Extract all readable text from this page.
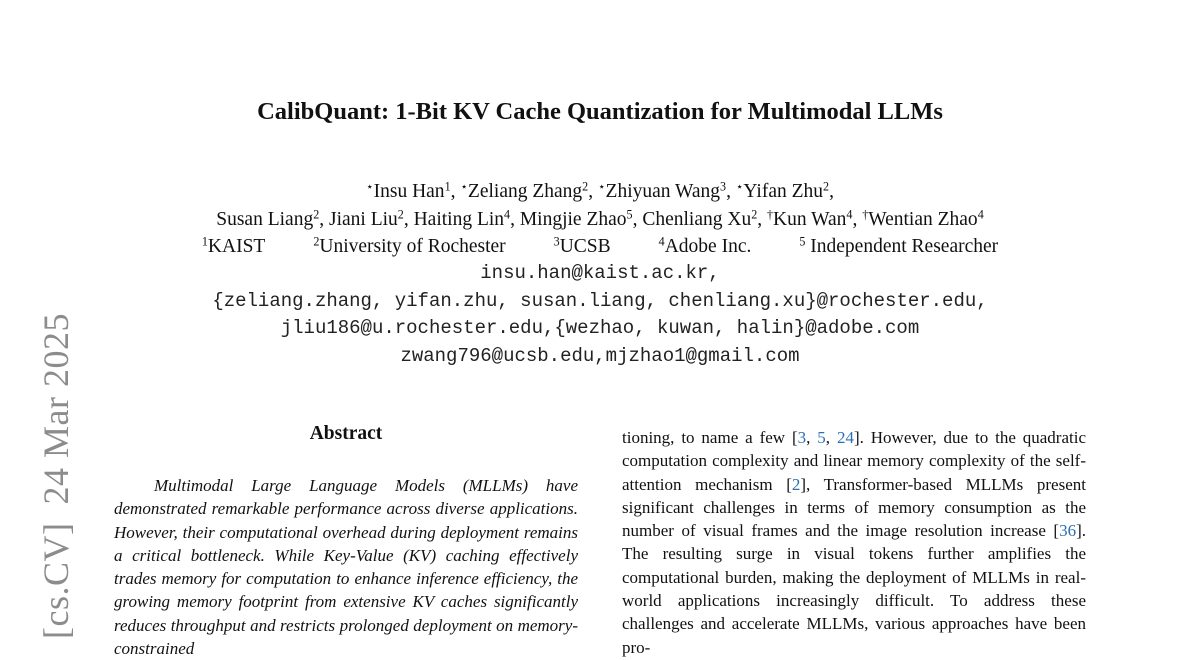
[cs.CV]24 Mar 2025
CalibQuant: 1-Bit KV Cache Quantization for Multimodal LLMs
⋆Insu Han$^1$, ⋆Zeliang Zhang$^2$, ⋆Zhiyuan Wang$^3$, ⋆Yifan Zhu$^2$,
Susan Liang$^2$, Jiani Liu$^2$, Haiting Lin$^4$, Mingjie Zhao$^5$, Chenliang Xu$^2$, †Kun Wan$^4$, †Wentian Zhao$^4$
$^1$KAIST	$^2$University of Rochester	$^3$UCSB	$^4$Adobe Inc.	$^5$ Independent Researcher
insu.han@kaist.ac.kr,
{zeliang.zhang, yifan.zhu, susan.liang, chenliang.xu}@rochester.edu,
jliu186@u.rochester.edu,{wezhao, kuwan, halin}@adobe.com
zwang796@ucsb.edu,mjzhao1@gmail.com
Abstract
Multimodal Large Language Models (MLLMs) have demonstrated remarkable performance across diverse applications. However, their computational overhead during deployment remains a critical bottleneck. While Key-Value (KV) caching effectively trades memory for computation to enhance inference efficiency, the growing memory footprint from extensive KV caches significantly reduces throughput and restricts prolonged deployment on memory-constrained
tioning, to name a few [3, 5, 24]. However, due to the quadratic computation complexity and linear memory complexity of the self-attention mechanism [2], Transformer-based MLLMs present significant challenges in terms of memory consumption as the number of visual frames and the image resolution increase [36]. The resulting surge in visual tokens further amplifies the computational burden, making the deployment of MLLMs in real-world applications increasingly difficult. To address these challenges and accelerate MLLMs, various approaches have been pro-
